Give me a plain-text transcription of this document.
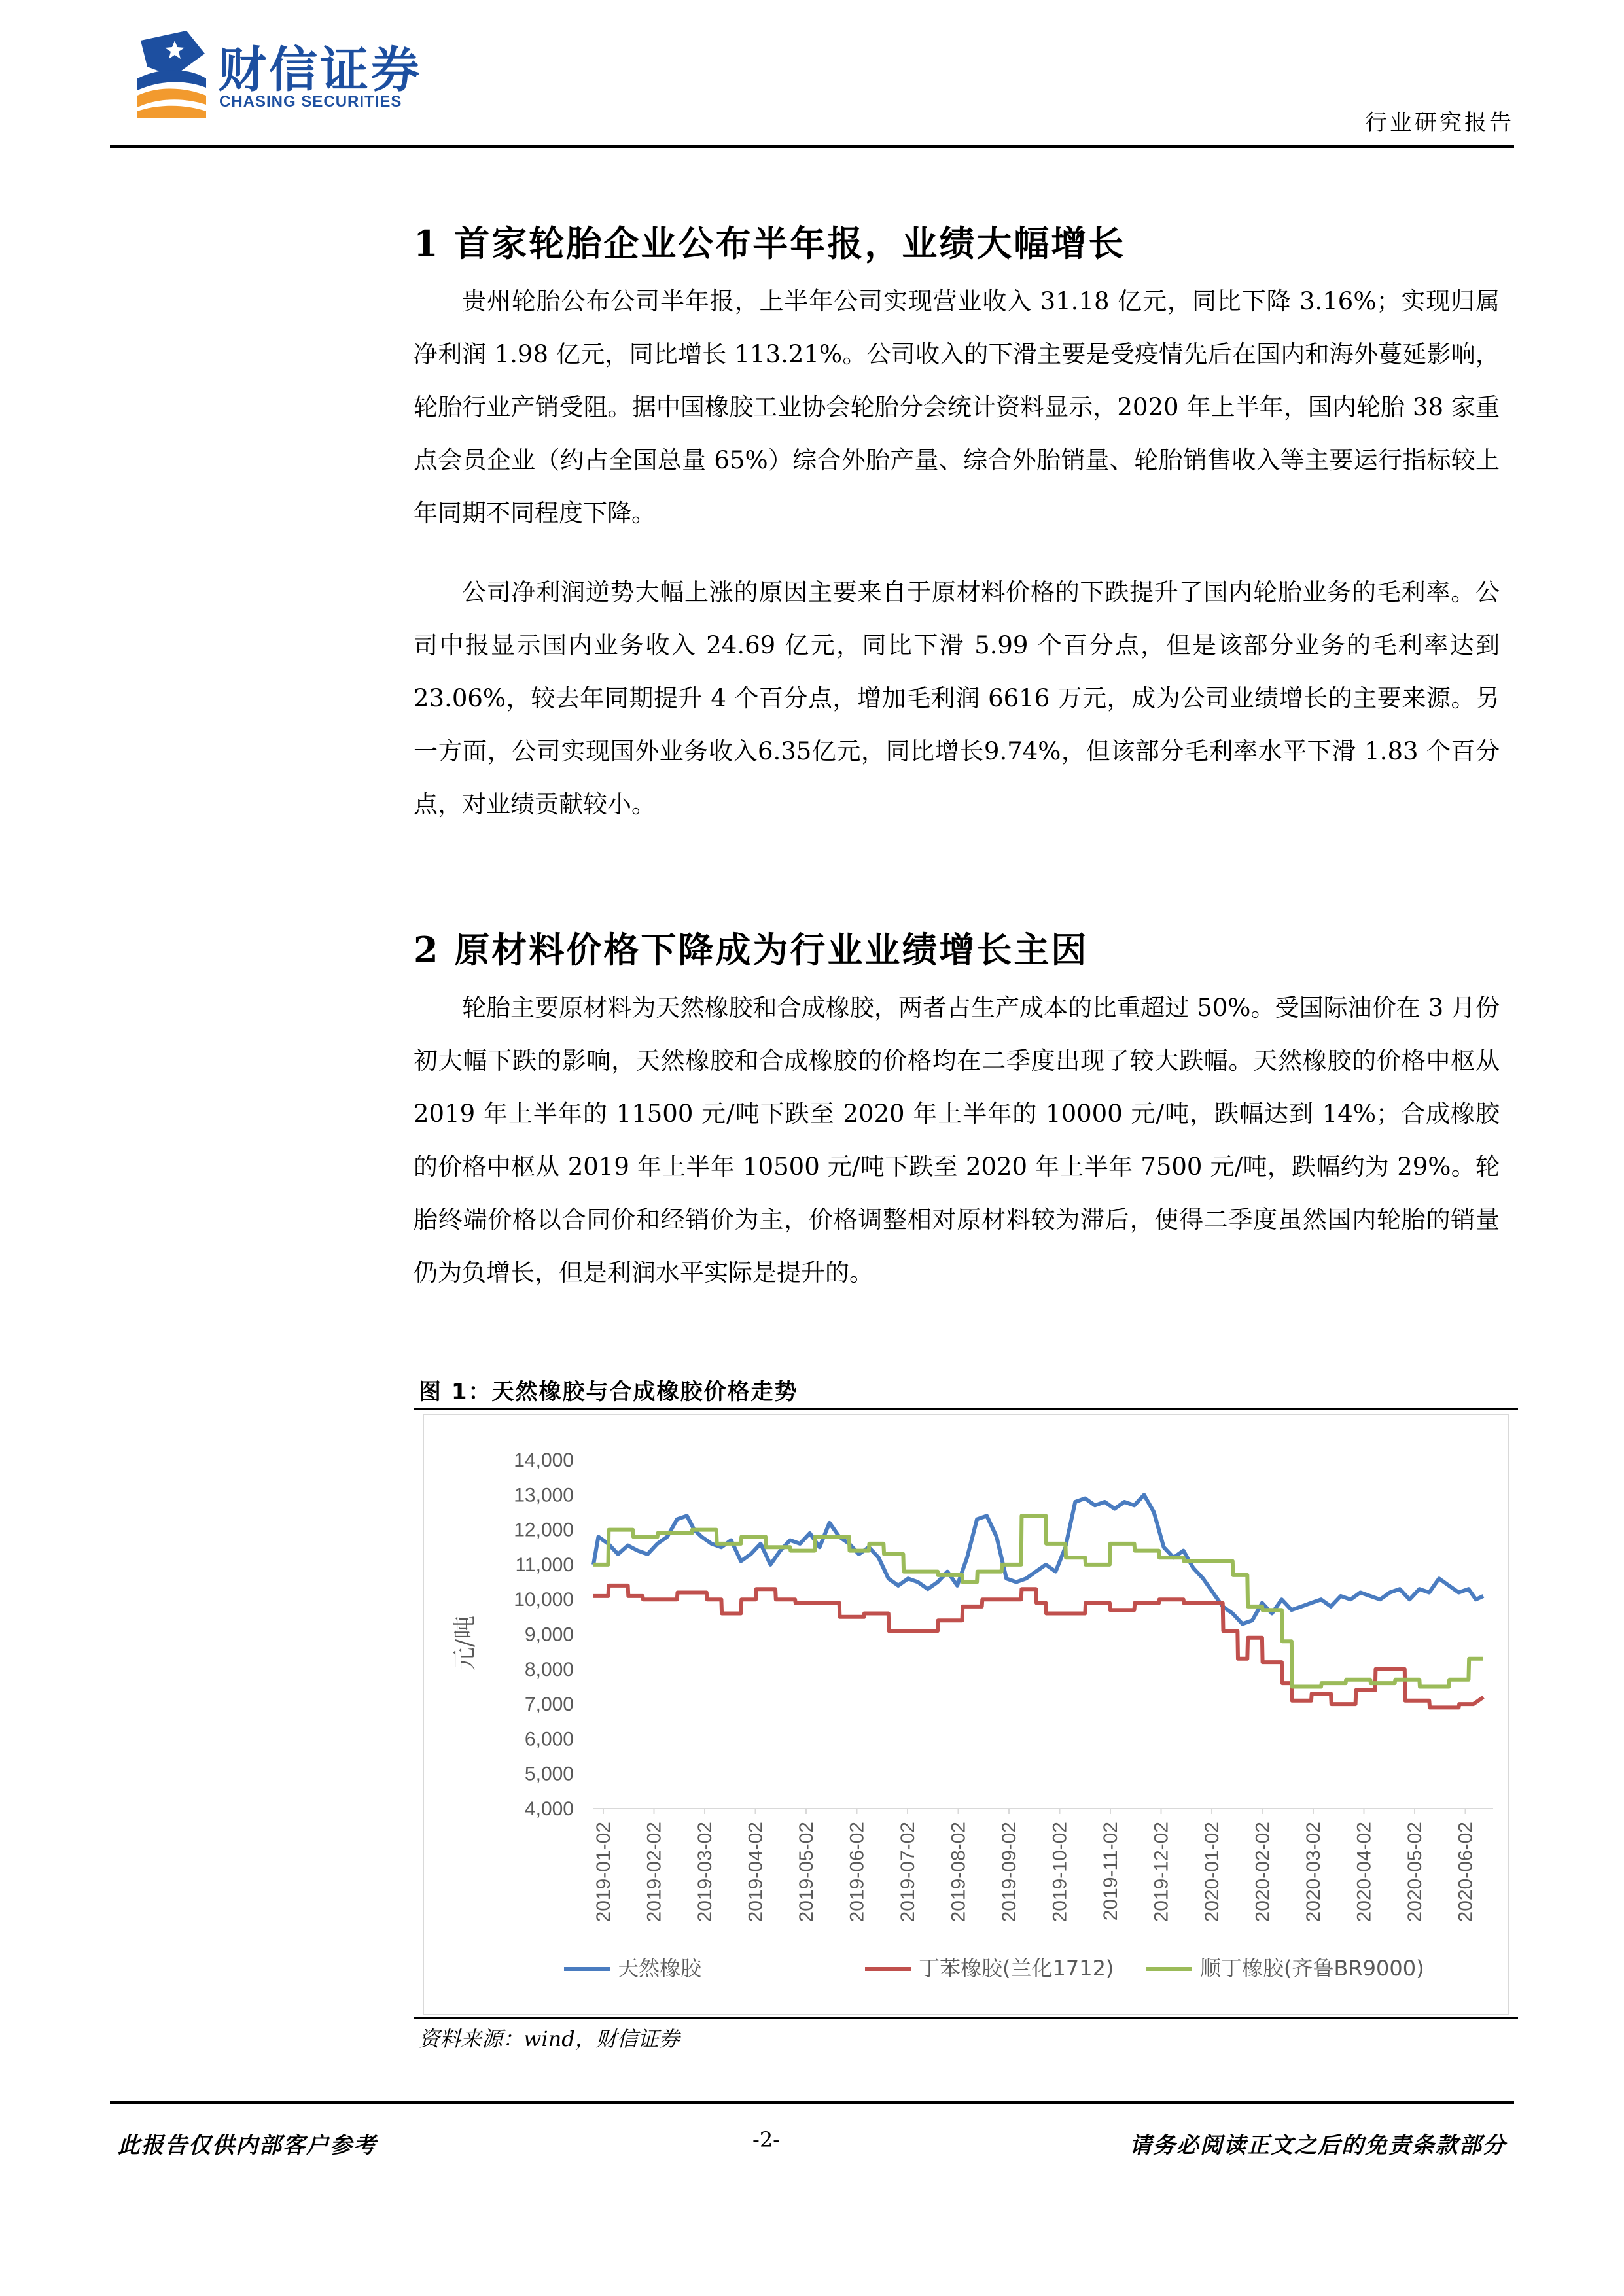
财信证券
CHASING SECURITIES
行业研究报告
1 首家轮胎企业公布半年报，业绩大幅增长

贵州轮胎公布公司半年报，上半年公司实现营业收入 31.18 亿元，同比下降 3.16%；实现归属净利润 1.98 亿元，同比增长 113.21%。公司收入的下滑主要是受疫情先后在国内和海外蔓延影响，轮胎行业产销受阻。据中国橡胶工业协会轮胎分会统计资料显示，2020 年上半年，国内轮胎 38 家重点会员企业（约占全国总量 65%）综合外胎产量、综合外胎销量、轮胎销售收入等主要运行指标较上年同期不同程度下降。

公司净利润逆势大幅上涨的原因主要来自于原材料价格的下跌提升了国内轮胎业务的毛利率。公司中报显示国内业务收入 24.69 亿元，同比下滑 5.99 个百分点，但是该部分业务的毛利率达到 23.06%，较去年同期提升 4 个百分点，增加毛利润 6616 万元，成为公司业绩增长的主要来源。另一方面，公司实现国外业务收入6.35亿元，同比增长9.74%，但该部分毛利率水平下滑 1.83 个百分点，对业绩贡献较小。

2 原材料价格下降成为行业业绩增长主因

轮胎主要原材料为天然橡胶和合成橡胶，两者占生产成本的比重超过 50%。受国际油价在 3 月份初大幅下跌的影响，天然橡胶和合成橡胶的价格均在二季度出现了较大跌幅。天然橡胶的价格中枢从 2019 年上半年的 11500 元/吨下跌至 2020 年上半年的 10000 元/吨，跌幅达到 14%；合成橡胶的价格中枢从 2019 年上半年 10500 元/吨下跌至 2020 年上半年 7500 元/吨，跌幅约为 29%。轮胎终端价格以合同价和经销价为主，价格调整相对原材料较为滞后，使得二季度虽然国内轮胎的销量仍为负增长，但是利润水平实际是提升的。

图 1：天然橡胶与合成橡胶价格走势
4,000
5,000
6,000
7,000
8,000
9,000
10,000
11,000
12,000
13,000
14,000
2019-01-02 2019-02-02 2019-03-02 2019-04-02 2019-05-02 2019-06-02 2019-07-02 2019-08-02 2019-09-02 2019-10-02 2019-11-02 2019-12-02 2020-01-02 2020-02-02 2020-03-02 2020-04-02 2020-05-02 2020-06-02
天然橡胶	丁苯橡胶(兰化1712)	顺丁橡胶(齐鲁BR9000)
元/吨
资料来源：wind，财信证券
此报告仅供内部客户参考	-2-	请务必阅读正文之后的免责条款部分
